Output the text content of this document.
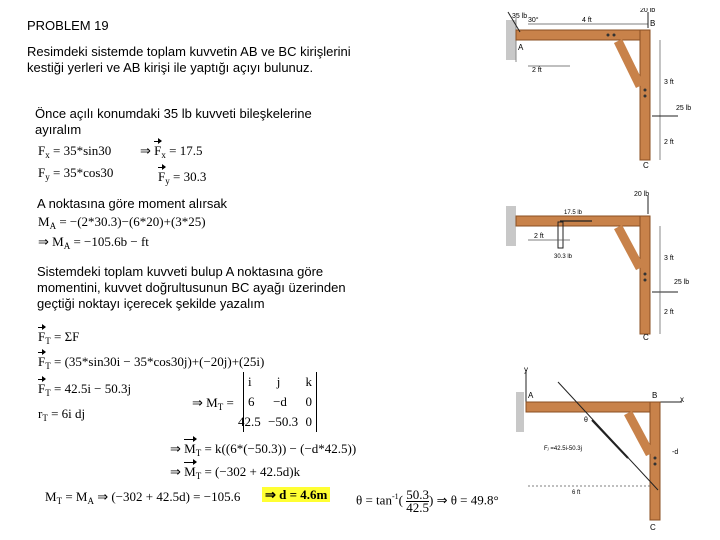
PROBLEM 19
Resimdeki sistemde toplam kuvvetin AB ve BC kirişlerini kestiği yerleri ve AB kirişi ile yaptığı açıyı bulunuz.
Önce açılı konumdaki 35 lb kuvveti bileşkelerine ayıralım
$F_x = 35*\sin 30$ ⇒ $F_x = 17.5$
$F_y = 35*\cos 30$	$F_y = 30.3$
A noktasına göre moment alırsak
$M_A = -(2*30.3)-(6*20)+(3*25)$
⇒ $M_A = -105.6b$ − ft
Sistemdeki toplam kuvveti bulup A noktasına göre momentini, kuvvet doğrultusunun BC ayağı üzerinden geçtiği noktayı içerecek şekilde yazalım
$F_T = \Sigma F$
$F_T = (35*\sin 30i - 35*\cos 30j)+(-20j)+(25i)$
$F_T = 42.5i - 50.3j$
$r_T = 6i$ dj
⇒ $M_T$ =
i j k
6 −d 0
42.5 −50.3 0
⇒ $M_T = k((6*(-50.3)) - (-d*42.5))$
⇒ $M_T = (-302 + 42.5d)k$
$M_T = M_A$ ⇒ (−302 + 42.5d) = −105.6 ⇒ d = 4.6m $\theta = \tan^{-1}( \frac{50.3}{42.5}$ ) ⇒ θ = 49.8°
35 lb
30°	4 ft
20 lb
2 ft
3 ft
25 lb
2 ft
A
B
C
20 lb
17.5 lb
30.3 lb
2 ft
3 ft
25 lb
2 ft
C
y
x
A	B
θ
Fⱼ =42.5i-50.3j	-d
6 ft
C
